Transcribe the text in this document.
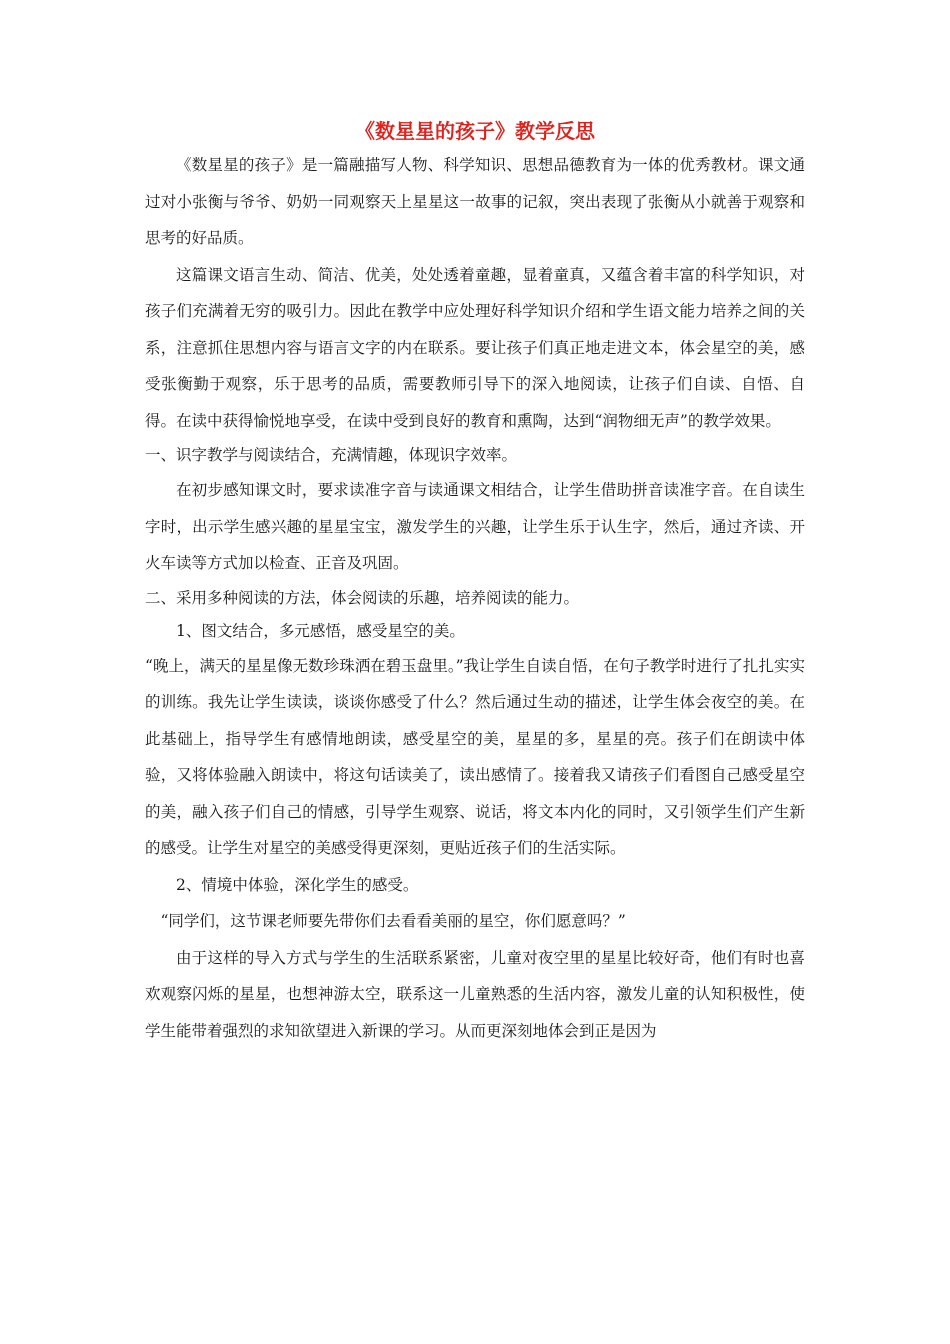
《数星星的孩子》教学反思

《数星星的孩子》是一篇融描写人物、科学知识、思想品德教育为一体的优秀教材。课文通过对小张衡与爷爷、奶奶一同观察天上星星这一故事的记叙，突出表现了张衡从小就善于观察和思考的好品质。

这篇课文语言生动、简洁、优美，处处透着童趣，显着童真，又蕴含着丰富的科学知识，对孩子们充满着无穷的吸引力。因此在教学中应处理好科学知识介绍和学生语文能力培养之间的关系，注意抓住思想内容与语言文字的内在联系。要让孩子们真正地走进文本，体会星空的美，感受张衡勤于观察，乐于思考的品质，需要教师引导下的深入地阅读，让孩子们自读、自悟、自得。在读中获得愉悦地享受，在读中受到良好的教育和熏陶，达到“润物细无声”的教学效果。

一、识字教学与阅读结合，充满情趣，体现识字效率。

在初步感知课文时，要求读准字音与读通课文相结合，让学生借助拼音读准字音。在自读生字时，出示学生感兴趣的星星宝宝，激发学生的兴趣，让学生乐于认生字，然后，通过齐读、开火车读等方式加以检查、正音及巩固。

二、采用多种阅读的方法，体会阅读的乐趣，培养阅读的能力。

1、图文结合，多元感悟，感受星空的美。

“晚上，满天的星星像无数珍珠洒在碧玉盘里。”我让学生自读自悟，在句子教学时进行了扎扎实实的训练。我先让学生读读，谈谈你感受了什么？然后通过生动的描述，让学生体会夜空的美。在此基础上，指导学生有感情地朗读，感受星空的美，星星的多，星星的亮。孩子们在朗读中体验，又将体验融入朗读中，将这句话读美了，读出感情了。接着我又请孩子们看图自己感受星空的美，融入孩子们自己的情感，引导学生观察、说话，将文本内化的同时，又引领学生们产生新的感受。让学生对星空的美感受得更深刻，更贴近孩子们的生活实际。

2、情境中体验，深化学生的感受。

“同学们，这节课老师要先带你们去看看美丽的星空，你们愿意吗？”

由于这样的导入方式与学生的生活联系紧密，儿童对夜空里的星星比较好奇，他们有时也喜欢观察闪烁的星星，也想神游太空，联系这一儿童熟悉的生活内容，激发儿童的认知积极性，使学生能带着强烈的求知欲望进入新课的学习。从而更深刻地体会到正是因为
